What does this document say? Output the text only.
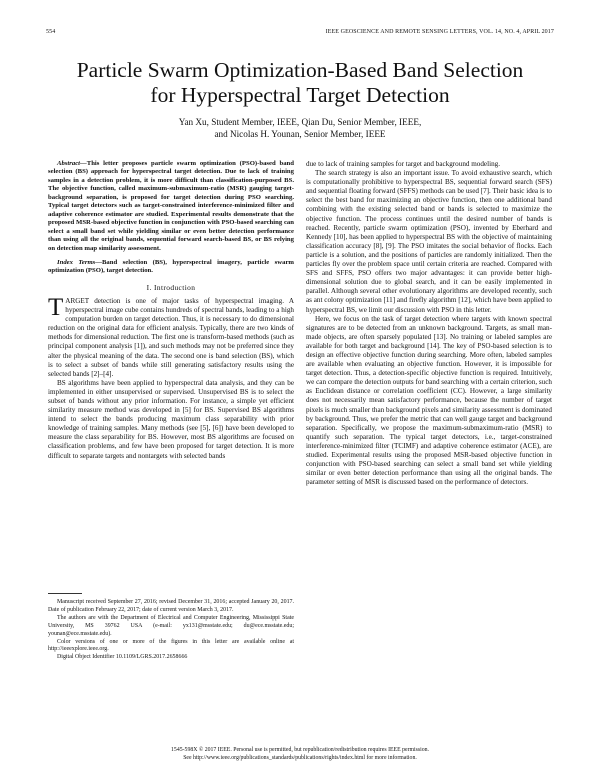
554	IEEE GEOSCIENCE AND REMOTE SENSING LETTERS, VOL. 14, NO. 4, APRIL 2017
Particle Swarm Optimization-Based Band Selection
for Hyperspectral Target Detection
Yan Xu, Student Member, IEEE, Qian Du, Senior Member, IEEE,
and Nicolas H. Younan, Senior Member, IEEE

Abstract—This letter proposes particle swarm optimization (PSO)-based band selection (BS) approach for hyperspectral target detection. Due to lack of training samples in a detection problem, it is more difficult than classification-purposed BS. The objective function, called maximum-submaximum-ratio (MSR) gauging target-background separation, is proposed for target detection during PSO searching. Typical target detectors such as target-constrained interference-minimized filter and adaptive coherence estimator are studied. Experimental results demonstrate that the proposed MSR-based objective function in conjunction with PSO-based searching can select a small band set while yielding similar or even better detection performance than using all the original bands, sequential forward search-based BS, or BS relying on detection map similarity assessment.

Index Terms—Band selection (BS), hyperspectral imagery, particle swarm optimization (PSO), target detection.

I. Introduction

TARGET detection is one of major tasks of hyperspectral imaging. A hyperspectral image cube contains hundreds of spectral bands, leading to a high computation burden on target detection. Thus, it is necessary to do dimensional reduction on the original data for efficient analysis. Typically, there are two kinds of methods for dimensional reduction. The first one is transform-based methods (such as principal component analysis [1]), and such methods may not be preferred since they alter the physical meaning of the data. The second one is band selection (BS), which is to select a subset of bands while still generating satisfactory results using the selected bands [2]–[4].

BS algorithms have been applied to hyperspectral data analysis, and they can be implemented in either unsupervised or supervised. Unsupervised BS is to select the subset of bands without any prior information. For instance, a simple yet efficient similarity measure method was developed in [5] for BS. Supervised BS algorithms intend to select the bands producing maximum class separability with prior knowledge of training samples. Many methods (see [5], [6]) have been developed to measure the class separability for BS. However, most BS algorithms are focused on classification problems, and few have been proposed for target detection. It is more difficult to separate targets and nontargets with selected bands

Manuscript received September 27, 2016; revised December 31, 2016; accepted January 20, 2017. Date of publication February 22, 2017; date of current version March 3, 2017.

The authors are with the Department of Electrical and Computer Engineering, Mississippi State University, MS 39762 USA (e-mail: yx131@msstate.edu; du@ece.msstate.edu; younan@ece.msstate.edu).

Color versions of one or more of the figures in this letter are available online at http://ieeexplore.ieee.org.

Digital Object Identifier 10.1109/LGRS.2017.2658666

due to lack of training samples for target and background modeling.

The search strategy is also an important issue. To avoid exhaustive search, which is computationally prohibitive to hyperspectral BS, sequential forward search (SFS) and sequential floating forward (SFFS) methods can be used [7]. Their basic idea is to select the best band for maximizing an objective function, then one additional band combining with the existing selected band or bands is selected to maximize the objective function. The process continues until the desired number of bands is reached. Recently, particle swarm optimization (PSO), invented by Eberhard and Kennedy [10], has been applied to hyperspectral BS with the objective of maintaining classification accuracy [8], [9]. The PSO imitates the social behavior of flocks. Each particle is a solution, and the positions of particles are randomly initialized. Then the particles fly over the problem space until certain criteria are reached. Compared with SFS and SFFS, PSO offers two major advantages: it can provide better high-dimensional solution due to global search, and it can be easily implemented in parallel. Although several other evolutionary algorithms are developed recently, such as ant colony optimization [11] and firefly algorithm [12], which have been applied to hyperspectral BS, we limit our discussion with PSO in this letter.

Here, we focus on the task of target detection where targets with known spectral signatures are to be detected from an unknown background. Targets, as small man-made objects, are often sparsely populated [13]. No training or labeled samples are available for both target and background [14]. The key of PSO-based selection is to design an effective objective function during searching. More often, labeled samples are available when evaluating an objective function. However, it is impossible for target detection. Thus, a detection-specific objective function is required. Intuitively, we can compare the detection outputs for band searching with a certain criterion, such as Euclidean distance or correlation coefficient (CC). However, a large similarity does not necessarily mean satisfactory performance, because the number of target pixels is much smaller than background pixels and similarity assessment is dominated by background. Thus, we prefer the metric that can well gauge target and background separation. Specifically, we propose the maximum-submaximum-ratio (MSR) to quantify such separation. The typical target detectors, i.e., target-constrained interference-minimized filter (TCIMF) and adaptive coherence estimator (ACE), are studied. Experimental results using the proposed MSR-based objective function in conjunction with PSO-based searching can select a small band set while yielding similar or even better detection performance than using all the original bands. The parameter setting of MSR is discussed based on the performance of detectors.

1545-598X © 2017 IEEE. Personal use is permitted, but republication/redistribution requires IEEE permission.
See http://www.ieee.org/publications_standards/publications/rights/index.html for more information.
